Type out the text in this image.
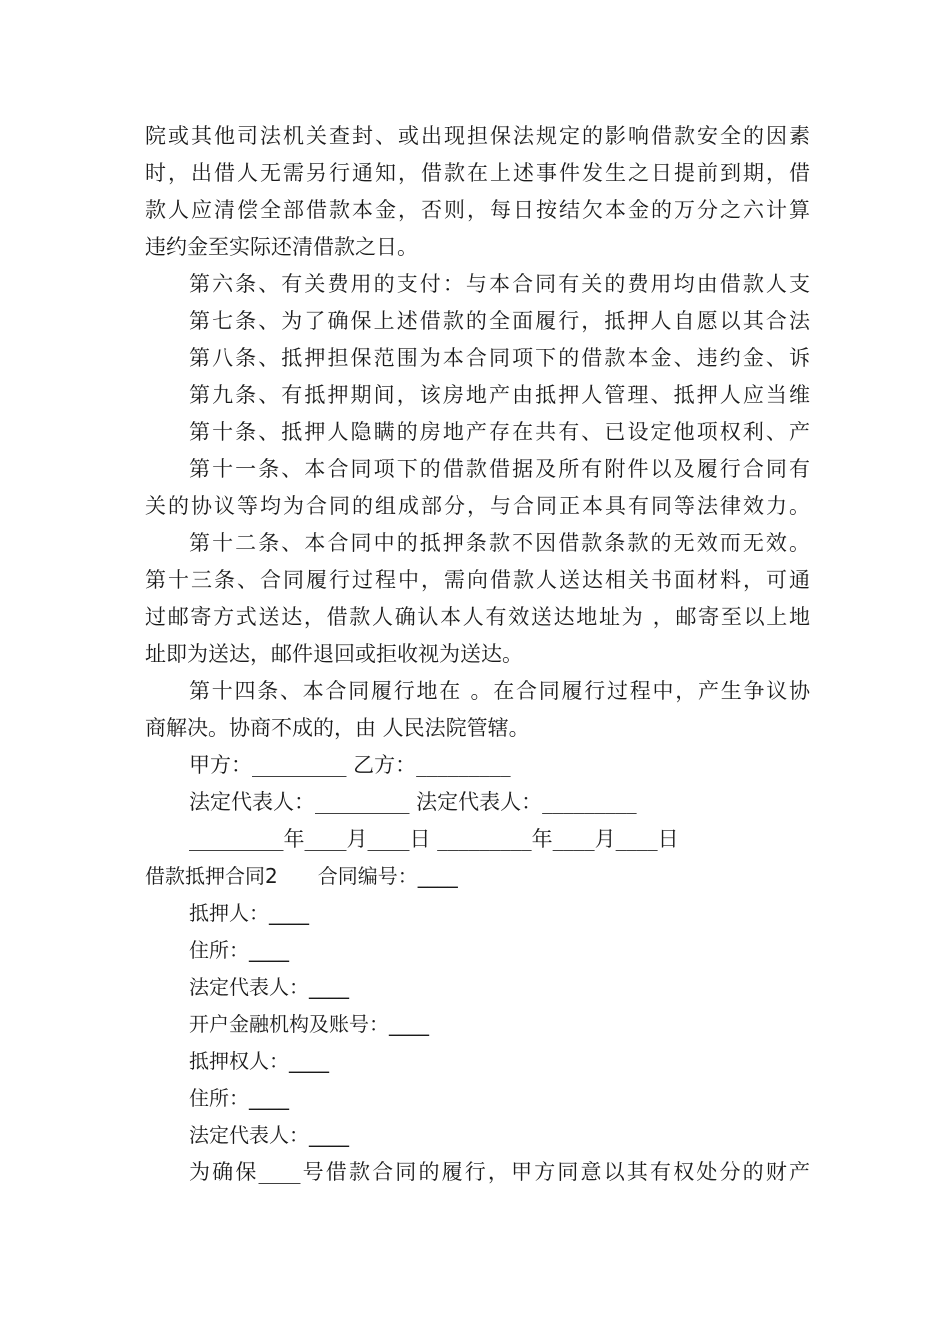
院或其他司法机关查封、或出现担保法规定的影响借款安全的因素
时，出借人无需另行通知，借款在上述事件发生之日提前到期，借
款人应清偿全部借款本金，否则，每日按结欠本金的万分之六计算
违约金至实际还清借款之日。
第六条、有关费用的支付：与本合同有关的费用均由借款人支
第七条、为了确保上述借款的全面履行，抵押人自愿以其合法
第八条、抵押担保范围为本合同项下的借款本金、违约金、诉
第九条、有抵押期间，该房地产由抵押人管理、抵押人应当维
第十条、抵押人隐瞒的房地产存在共有、已设定他项权利、产
第十一条、本合同项下的借款借据及所有附件以及履行合同有
关的协议等均为合同的组成部分，与合同正本具有同等法律效力。
第十二条、本合同中的抵押条款不因借款条款的无效而无效。
第十三条、合同履行过程中，需向借款人送达相关书面材料，可通
过邮寄方式送达，借款人确认本人有效送达地址为 ，邮寄至以上地
址即为送达，邮件退回或拒收视为送达。
第十四条、本合同履行地在 。在合同履行过程中，产生争议协
商解决。协商不成的，由 人民法院管辖。
甲方：_________ 乙方：_________
法定代表人：_________ 法定代表人：_________
_________年____月____日 _________年____月____日
借款抵押合同2 合同编号：____
抵押人：____
住所：____
法定代表人：____
开户金融机构及账号：____
抵押权人：____
住所：____
法定代表人：____
为确保____号借款合同的履行，甲方同意以其有权处分的财产
